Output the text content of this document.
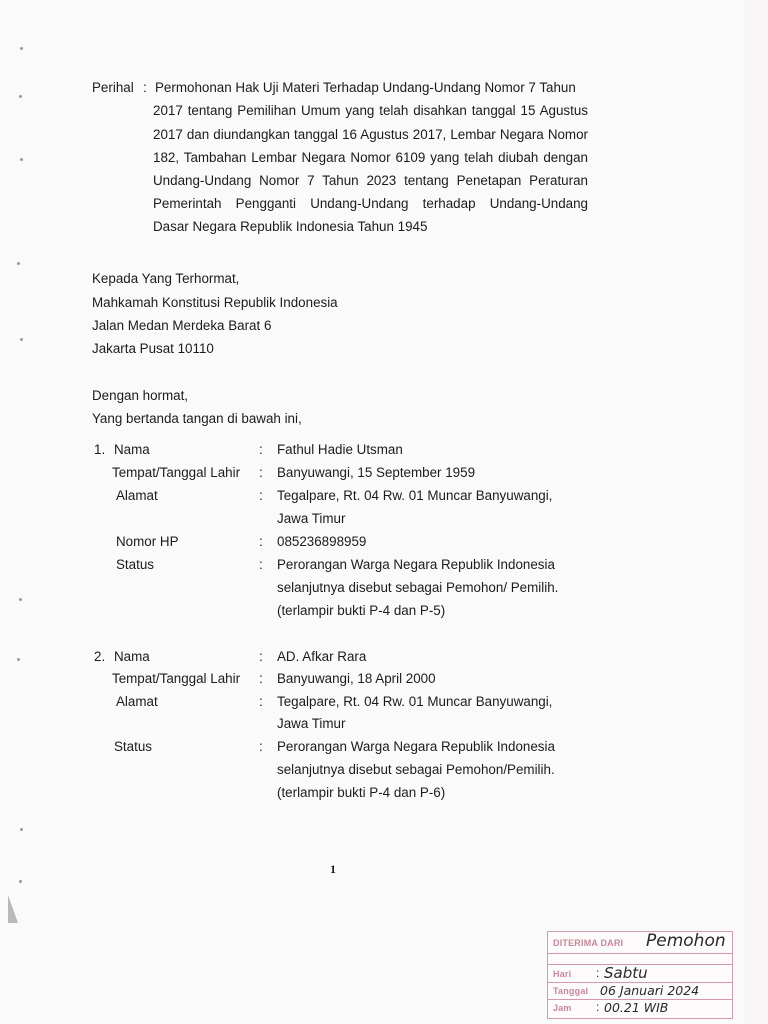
Perihal : Permohonan Hak Uji Materi Terhadap Undang-Undang Nomor 7 Tahun
2017 tentang Pemilihan Umum yang telah disahkan tanggal 15 Agustus
2017 dan diundangkan tanggal 16 Agustus 2017, Lembar Negara Nomor
182, Tambahan Lembar Negara Nomor 6109 yang telah diubah dengan
Undang-Undang Nomor 7 Tahun 2023 tentang Penetapan Peraturan
Pemerintah Pengganti Undang-Undang terhadap Undang-Undang
Dasar Negara Republik Indonesia Tahun 1945
Kepada Yang Terhormat,
Mahkamah Konstitusi Republik Indonesia
Jalan Medan Merdeka Barat 6
Jakarta Pusat 10110
Dengan hormat,
Yang bertanda tangan di bawah ini,
1. Nama	: Fathul Hadie Utsman
Tempat/Tanggal Lahir : Banyuwangi, 15 September 1959
Alamat	: Tegalpare, Rt. 04 Rw. 01 Muncar Banyuwangi,
Jawa Timur
Nomor HP	: 085236898959
Status	: Perorangan Warga Negara Republik Indonesia
selanjutnya disebut sebagai Pemohon/ Pemilih.
(terlampir bukti P-4 dan P-5)
2. Nama	: AD. Afkar Rara
Tempat/Tanggal Lahir : Banyuwangi, 18 April 2000
Alamat	: Tegalpare, Rt. 04 Rw. 01 Muncar Banyuwangi,
Jawa Timur
Status	: Perorangan Warga Negara Republik Indonesia
selanjutnya disebut sebagai Pemohon/Pemilih.
(terlampir bukti P-4 dan P-6)
1
DITERIMA DARI Pemohon
Hari : Sabtu
Tanggal 06 Januari 2024
Jam : 00.21 WIB
